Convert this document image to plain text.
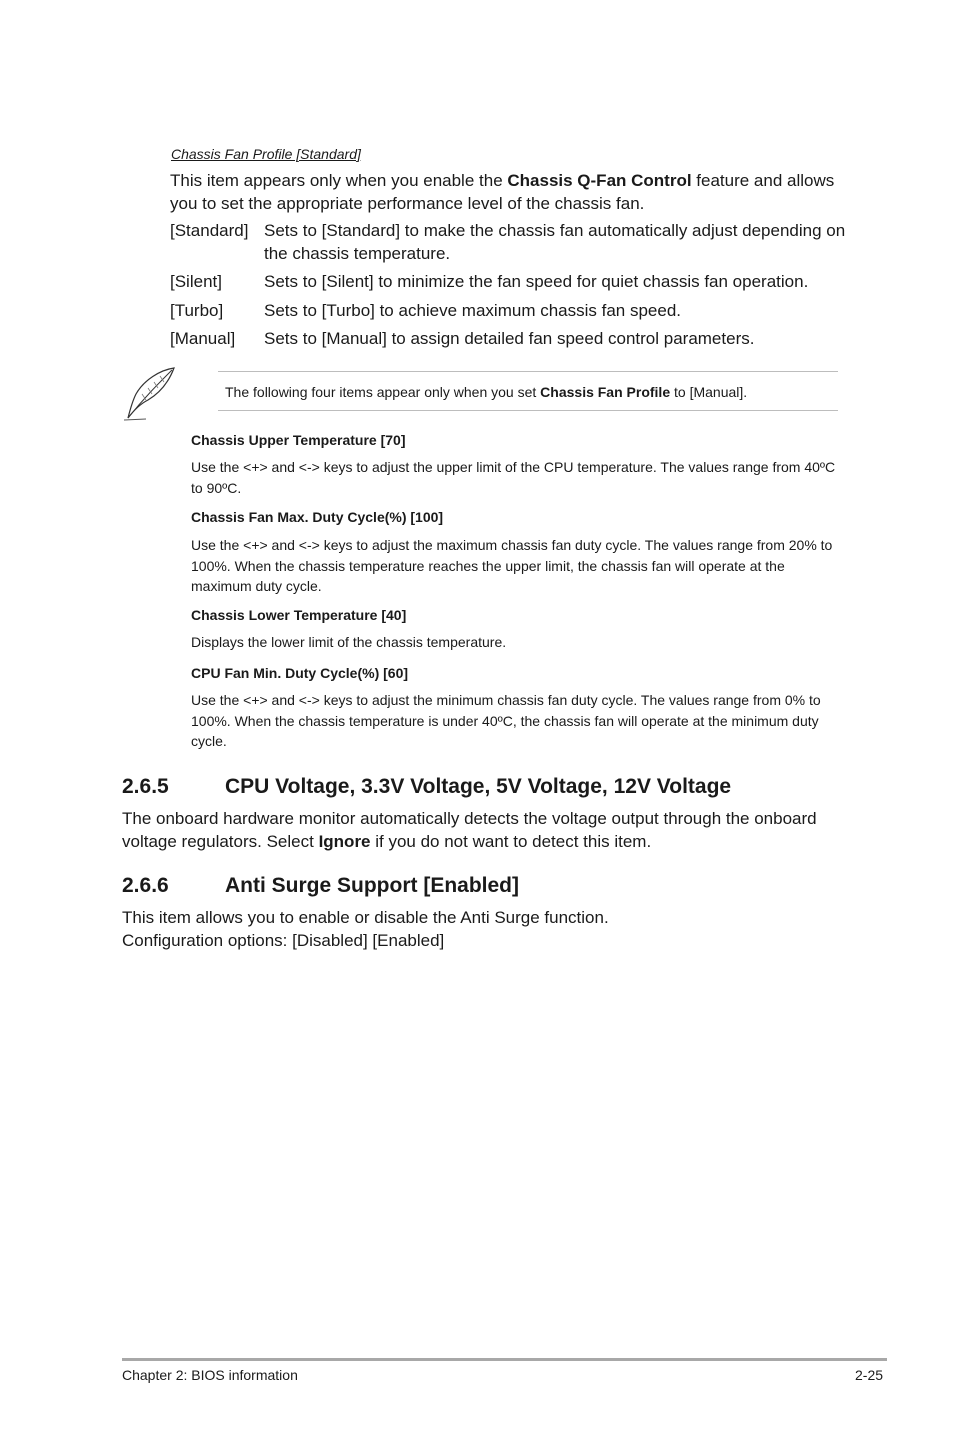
Chassis Fan Profile [Standard]
This item appears only when you enable the Chassis Q-Fan Control feature and allows you to set the appropriate performance level of the chassis fan.
[Standard] Sets to [Standard] to make the chassis fan automatically adjust depending on the chassis temperature.
[Silent] Sets to [Silent] to minimize the fan speed for quiet chassis fan operation.
[Turbo] Sets to [Turbo] to achieve maximum chassis fan speed.
[Manual] Sets to [Manual] to assign detailed fan speed control parameters.
The following four items appear only when you set Chassis Fan Profile to [Manual].
Chassis Upper Temperature [70]
Use the <+> and <-> keys to adjust the upper limit of the CPU temperature. The values range from 40ºC to 90ºC.
Chassis Fan Max. Duty Cycle(%) [100]
Use the <+> and <-> keys to adjust the maximum chassis fan duty cycle. The values range from 20% to 100%. When the chassis temperature reaches the upper limit, the chassis fan will operate at the maximum duty cycle.
Chassis Lower Temperature [40]
Displays the lower limit of the chassis temperature.
CPU Fan Min. Duty Cycle(%) [60]
Use the <+> and <-> keys to adjust the minimum chassis fan duty cycle. The values range from 0% to 100%. When the chassis temperature is under 40ºC, the chassis fan will operate at the minimum duty cycle.
2.6.5	CPU Voltage, 3.3V Voltage, 5V Voltage, 12V Voltage
The onboard hardware monitor automatically detects the voltage output through the onboard voltage regulators. Select Ignore if you do not want to detect this item.
2.6.6	Anti Surge Support [Enabled]
This item allows you to enable or disable the Anti Surge function.
Configuration options: [Disabled] [Enabled]
Chapter 2: BIOS information	2-25
